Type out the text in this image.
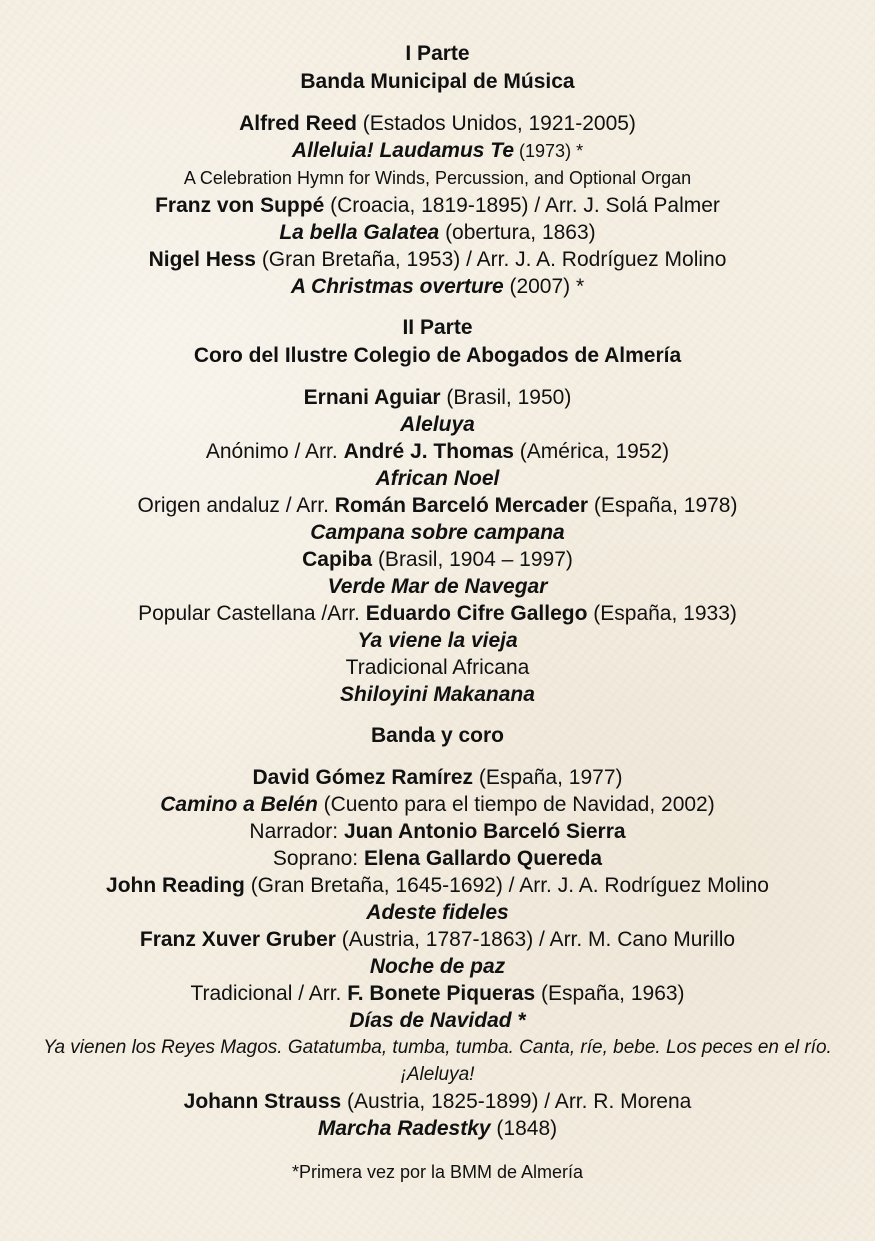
I Parte
Banda Municipal de Música
Alfred Reed (Estados Unidos, 1921-2005)
Alleluia! Laudamus Te (1973) *
A Celebration Hymn for Winds, Percussion, and Optional Organ
Franz von Suppé (Croacia, 1819-1895) / Arr. J. Solá Palmer
La bella Galatea (obertura, 1863)
Nigel Hess (Gran Bretaña, 1953) / Arr. J. A. Rodríguez Molino
A Christmas overture (2007) *
II Parte
Coro del Ilustre Colegio de Abogados de Almería
Ernani Aguiar (Brasil, 1950)
Aleluya
Anónimo / Arr. André J. Thomas (América, 1952)
African Noel
Origen andaluz / Arr. Román Barceló Mercader (España, 1978)
Campana sobre campana
Capiba (Brasil, 1904 – 1997)
Verde Mar de Navegar
Popular Castellana /Arr. Eduardo Cifre Gallego (España, 1933)
Ya viene la vieja
Tradicional Africana
Shiloyini Makanana
Banda y coro
David Gómez Ramírez (España, 1977)
Camino a Belén (Cuento para el tiempo de Navidad, 2002)
Narrador: Juan Antonio Barceló Sierra
Soprano: Elena Gallardo Quereda
John Reading (Gran Bretaña, 1645-1692) / Arr. J. A. Rodríguez Molino
Adeste fideles
Franz Xuver Gruber (Austria, 1787-1863) / Arr. M. Cano Murillo
Noche de paz
Tradicional / Arr. F. Bonete Piqueras (España, 1963)
Días de Navidad *
Ya vienen los Reyes Magos. Gatatumba, tumba, tumba. Canta, ríe, bebe. Los peces en el río. ¡Aleluya!
Johann Strauss (Austria, 1825-1899) / Arr. R. Morena
Marcha Radestky (1848)
*Primera vez por la BMM de Almería
